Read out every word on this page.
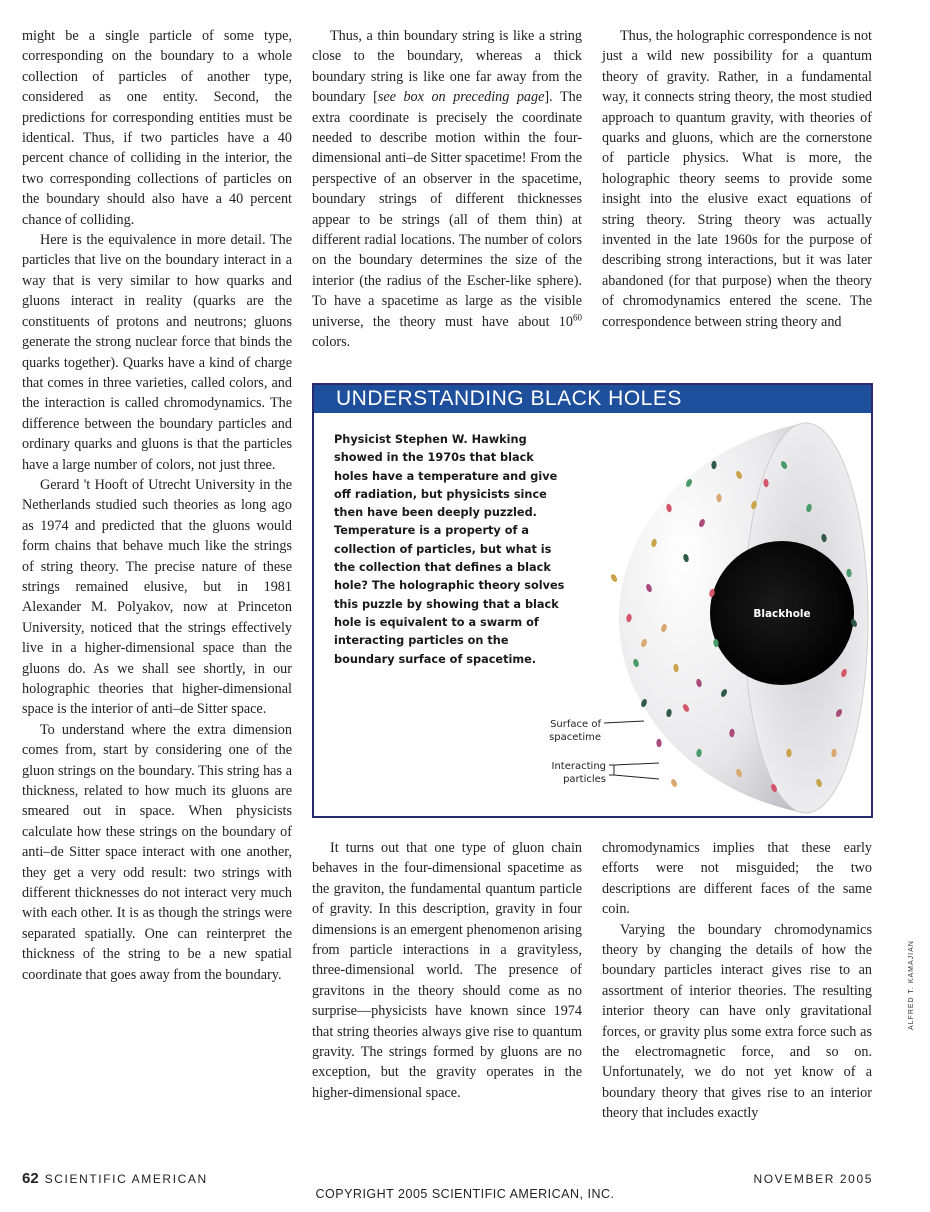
might be a single particle of some type, corresponding on the boundary to a whole collection of particles of another type, considered as one entity. Second, the predictions for corresponding entities must be identical. Thus, if two particles have a 40 percent chance of colliding in the interior, the two corresponding collections of particles on the boundary should also have a 40 percent chance of colliding.

Here is the equivalence in more detail. The particles that live on the boundary interact in a way that is very similar to how quarks and gluons interact in reality (quarks are the constituents of protons and neutrons; gluons generate the strong nuclear force that binds the quarks together). Quarks have a kind of charge that comes in three varieties, called colors, and the interaction is called chromodynamics. The difference between the boundary particles and ordinary quarks and gluons is that the particles have a large number of colors, not just three.

Gerard 't Hooft of Utrecht University in the Netherlands studied such theories as long ago as 1974 and predicted that the gluons would form chains that behave much like the strings of string theory. The precise nature of these strings remained elusive, but in 1981 Alexander M. Polyakov, now at Princeton University, noticed that the strings effectively live in a higher-dimensional space than the gluons do. As we shall see shortly, in our holographic theories that higher-dimensional space is the interior of anti–de Sitter space.

To understand where the extra dimension comes from, start by considering one of the gluon strings on the boundary. This string has a thickness, related to how much its gluons are smeared out in space. When physicists calculate how these strings on the boundary of anti–de Sitter space interact with one another, they get a very odd result: two strings with different thicknesses do not interact very much with each other. It is as though the strings were separated spatially. One can reinterpret the thickness of the string to be a new spatial coordinate that goes away from the boundary.

Thus, a thin boundary string is like a string close to the boundary, whereas a thick boundary string is like one far away from the boundary [see box on preceding page]. The extra coordinate is precisely the coordinate needed to describe motion within the four-dimensional anti–de Sitter spacetime! From the perspective of an observer in the spacetime, boundary strings of different thicknesses appear to be strings (all of them thin) at different radial locations. The number of colors on the boundary determines the size of the interior (the radius of the Escher-like sphere). To have a spacetime as large as the visible universe, the theory must have about $10^{60}$ colors.

Thus, the holographic correspondence is not just a wild new possibility for a quantum theory of gravity. Rather, in a fundamental way, it connects string theory, the most studied approach to quantum gravity, with theories of quarks and gluons, which are the cornerstone of particle physics. What is more, the holographic theory seems to provide some insight into the elusive exact equations of string theory. String theory was actually invented in the late 1960s for the purpose of describing strong interactions, but it was later abandoned (for that purpose) when the theory of chromodynamics entered the scene. The correspondence between string theory and

UNDERSTANDING BLACK HOLES
Blackhole
Surface of
spacetime
Interacting
particles
Physicist Stephen W. Hawking showed in the 1970s that black holes have a temperature and give off radiation, but physicists since then have been deeply puzzled. Temperature is a property of a collection of particles, but what is the collection that defines a black hole? The holographic theory solves this puzzle by showing that a black hole is equivalent to a swarm of interacting particles on the boundary surface of spacetime.

It turns out that one type of gluon chain behaves in the four-dimensional spacetime as the graviton, the fundamental quantum particle of gravity. In this description, gravity in four dimensions is an emergent phenomenon arising from particle interactions in a gravityless, three-dimensional world. The presence of gravitons in the theory should come as no surprise—physicists have known since 1974 that string theories always give rise to quantum gravity. The strings formed by gluons are no exception, but the gravity operates in the higher-dimensional space.

chromodynamics implies that these early efforts were not misguided; the two descriptions are different faces of the same coin.

Varying the boundary chromodynamics theory by changing the details of how the boundary particles interact gives rise to an assortment of interior theories. The resulting interior theory can have only gravitational forces, or gravity plus some extra force such as the electromagnetic force, and so on. Unfortunately, we do not yet know of a boundary theory that gives rise to an interior theory that includes exactly

62 SCIENTIFIC AMERICAN	NOVEMBER 2005
COPYRIGHT 2005 SCIENTIFIC AMERICAN, INC.
ALFRED T. KAMAJIAN
